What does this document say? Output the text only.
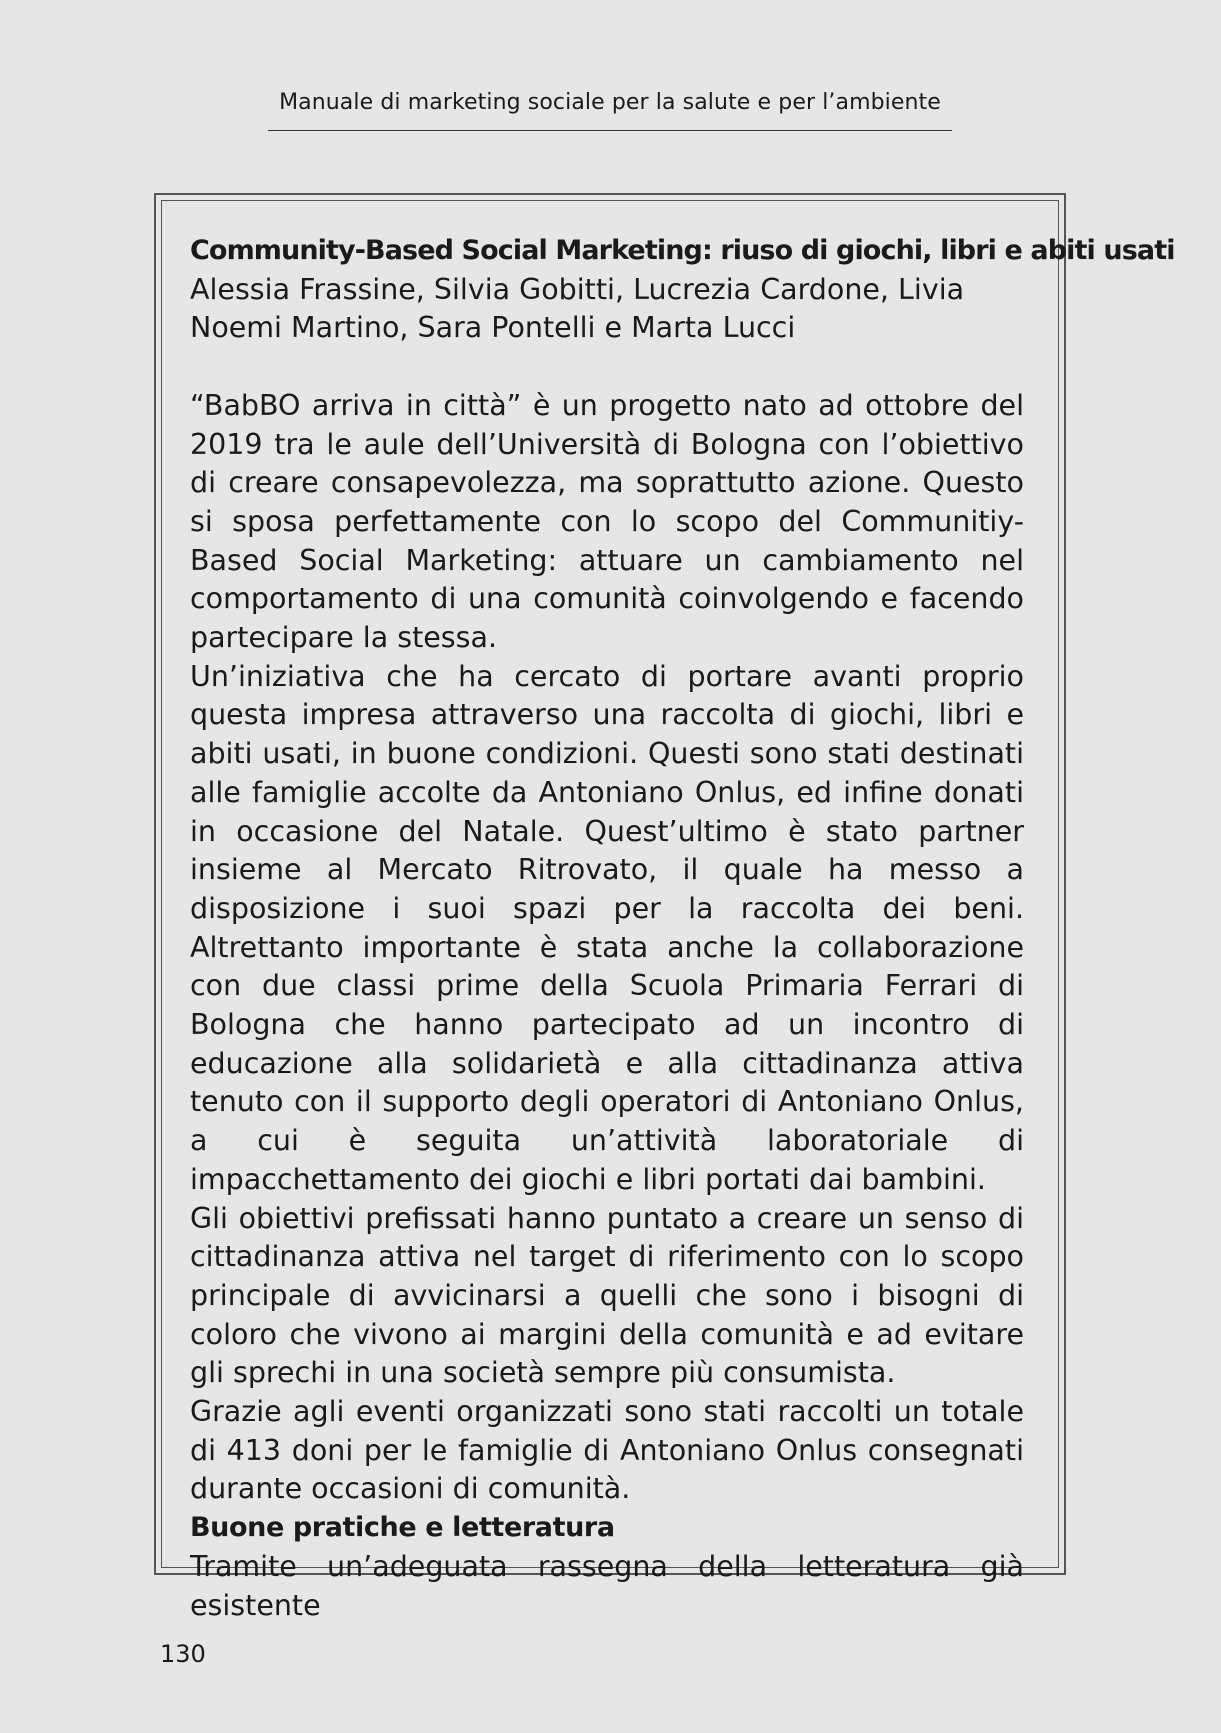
Manuale di marketing sociale per la salute e per l’ambiente

Community-Based Social Marketing: riuso di giochi, libri e abiti usati

Alessia Frassine, Silvia Gobitti, Lucrezia Cardone, Livia Noemi Martino, Sara Pontelli e Marta Lucci

“BabBO arriva in città” è un progetto nato ad ottobre del 2019 tra le aule dell’Università di Bologna con l’obiettivo di creare consapevolezza, ma soprattutto azione. Questo si sposa perfettamente con lo scopo del Communitiy-Based Social Marketing: attuare un cambiamento nel comportamento di una comunità coinvolgendo e facendo partecipare la stessa.

Un’iniziativa che ha cercato di portare avanti proprio questa impresa attraverso una raccolta di giochi, libri e abiti usati, in buone condizioni. Questi sono stati destinati alle famiglie accolte da Antoniano Onlus, ed infine donati in occasione del Natale. Quest’ultimo è stato partner insieme al Mercato Ritrovato, il quale ha messo a disposizione i suoi spazi per la raccolta dei beni. Altrettanto importante è stata anche la collaborazione con due classi prime della Scuola Primaria Ferrari di Bologna che hanno partecipato ad un incontro di educazione alla solidarietà e alla cittadinanza attiva tenuto con il supporto degli operatori di Antoniano Onlus, a cui è seguita un’attività laboratoriale di impacchettamento dei giochi e libri portati dai bambini.

Gli obiettivi prefissati hanno puntato a creare un senso di cittadinanza attiva nel target di riferimento con lo scopo principale di avvicinarsi a quelli che sono i bisogni di coloro che vivono ai margini della comunità e ad evitare gli sprechi in una società sempre più consumista.

Grazie agli eventi organizzati sono stati raccolti un totale di 413 doni per le famiglie di Antoniano Onlus consegnati durante occasioni di comunità.

Buone pratiche e letteratura

Tramite un’adeguata rassegna della letteratura già esistente

130
